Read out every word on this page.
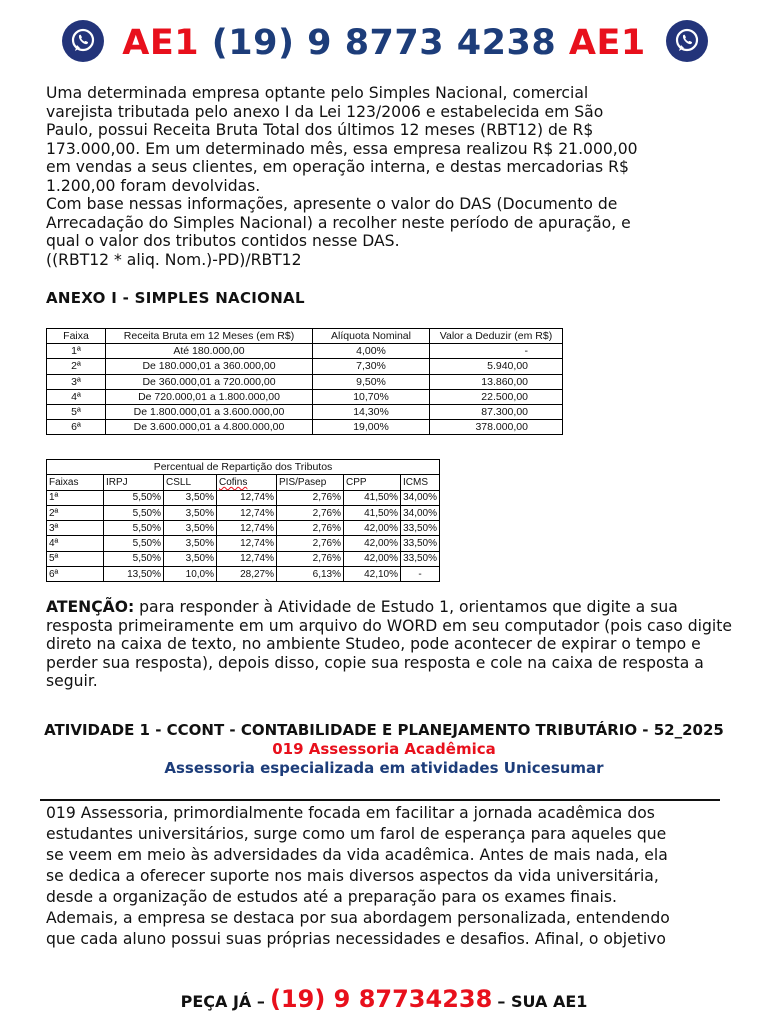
AE1 (19) 9 8773 4238 AE1
Uma determinada empresa optante pelo Simples Nacional, comercial
varejista tributada pelo anexo I da Lei 123/2006 e estabelecida em São
Paulo, possui Receita Bruta Total dos últimos 12 meses (RBT12) de R$
173.000,00. Em um determinado mês, essa empresa realizou R$ 21.000,00
em vendas a seus clientes, em operação interna, e destas mercadorias R$
1.200,00 foram devolvidas.
Com base nessas informações, apresente o valor do DAS (Documento de
Arrecadação do Simples Nacional) a recolher neste período de apuração, e
qual o valor dos tributos contidos nesse DAS.
((RBT12 * aliq. Nom.)-PD)/RBT12
ANEXO I - SIMPLES NACIONAL
Faixa	Receita Bruta em 12 Meses (em R$)	Alíquota Nominal	Valor a Deduzir (em R$)
1ª	Até 180.000,00	4,00%	-
2ª	De 180.000,01 a 360.000,00	7,30%	5.940,00
3ª	De 360.000,01 a 720.000,00	9,50%	13.860,00
4ª	De 720.000,01 a 1.800.000,00	10,70%	22.500,00
5ª	De 1.800.000,01 a 3.600.000,00	14,30%	87.300,00
6ª	De 3.600.000,01 a 4.800.000,00	19,00%	378.000,00
Percentual de Repartição dos Tributos						
Faixas	IRPJ	CSLL	Cofins	PIS/Pasep	CPP	ICMS
1ª	5,50%	3,50%	12,74%	2,76%	41,50%	34,00%
2ª	5,50%	3,50%	12,74%	2,76%	41,50%	34,00%
3ª	5,50%	3,50%	12,74%	2,76%	42,00%	33,50%
4ª	5,50%	3,50%	12,74%	2,76%	42,00%	33,50%
5ª	5,50%	3,50%	12,74%	2,76%	42,00%	33,50%
6ª	13,50%	10,0%	28,27%	6,13%	42,10%	-
ATENÇÃO: para responder à Atividade de Estudo 1, orientamos que digite a sua resposta primeiramente em um arquivo do WORD em seu computador (pois caso digite direto na caixa de texto, no ambiente Studeo, pode acontecer de expirar o tempo e perder sua resposta), depois disso, copie sua resposta e cole na caixa de resposta a seguir.
ATIVIDADE 1 - CCONT - CONTABILIDADE E PLANEJAMENTO TRIBUTÁRIO - 52_2025
019 Assessoria Acadêmica
Assessoria especializada em atividades Unicesumar
019 Assessoria, primordialmente focada em facilitar a jornada acadêmica dos
estudantes universitários, surge como um farol de esperança para aqueles que
se veem em meio às adversidades da vida acadêmica. Antes de mais nada, ela
se dedica a oferecer suporte nos mais diversos aspectos da vida universitária,
desde a organização de estudos até a preparação para os exames finais.
Ademais, a empresa se destaca por sua abordagem personalizada, entendendo
que cada aluno possui suas próprias necessidades e desafios. Afinal, o objetivo
PEÇA JÁ – (19) 9 87734238 – SUA AE1
